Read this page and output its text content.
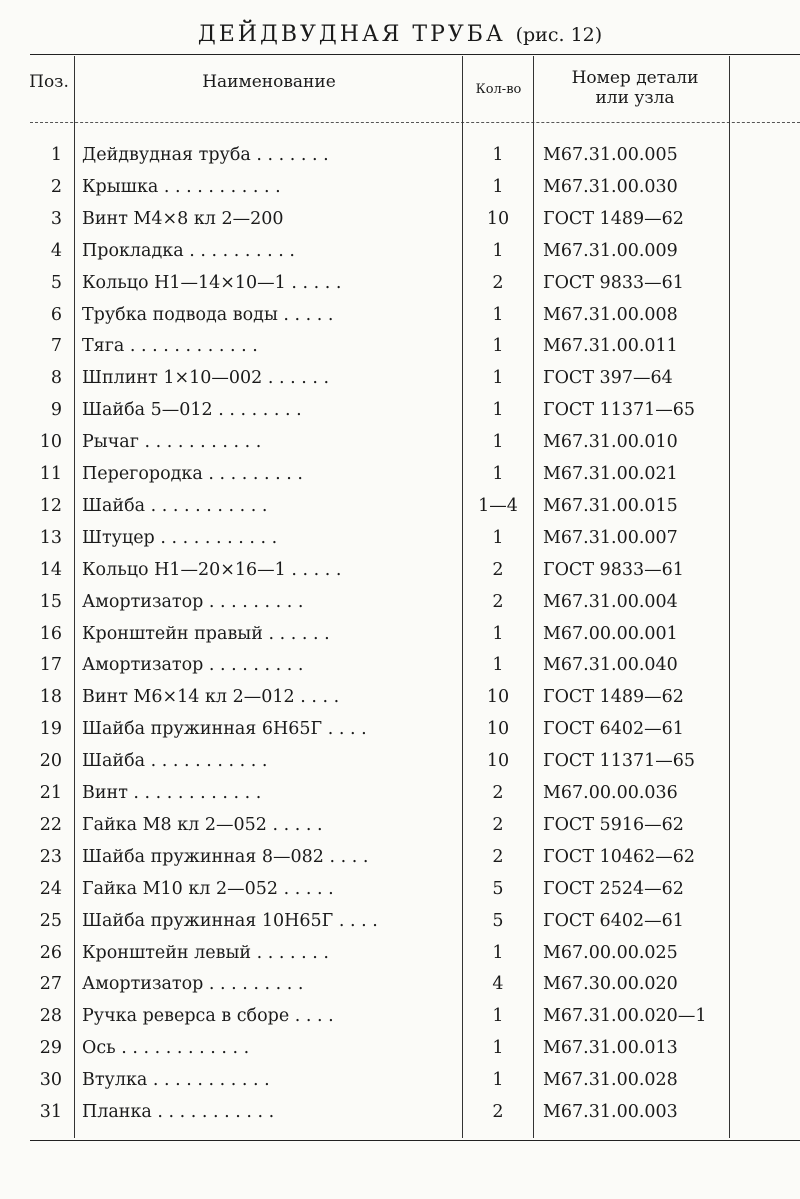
ДЕЙДВУДНАЯ ТРУБА (рис. 12)
Поз.	Наименование	Кол-во
Номер детали или узла
1 Дейдвудная труба . . . . . . .	1	М67.31.00.005
2 Крышка . . . . . . . . . . .	1	М67.31.00.030
3 Винт М4×8 кл 2—200	10	ГОСТ 1489—62
4 Прокладка . . . . . . . . . .	1	М67.31.00.009
5 Кольцо Н1—14×10—1 . . . . .	2	ГОСТ 9833—61
6 Трубка подвода воды . . . . .	1	М67.31.00.008
7 Тяга . . . . . . . . . . . .	1	М67.31.00.011
8 Шплинт 1×10—002 . . . . . .	1	ГОСТ 397—64
9 Шайба 5—012 . . . . . . . .	1	ГОСТ 11371—65
10 Рычаг . . . . . . . . . . .	1	М67.31.00.010
11 Перегородка . . . . . . . . .	1	М67.31.00.021
12 Шайба . . . . . . . . . . .	1—4	М67.31.00.015
13 Штуцер . . . . . . . . . . .	1	М67.31.00.007
14 Кольцо Н1—20×16—1 . . . . .	2	ГОСТ 9833—61
15 Амортизатор . . . . . . . . .	2	М67.31.00.004
16 Кронштейн правый . . . . . .	1	М67.00.00.001
17 Амортизатор . . . . . . . . .	1	М67.31.00.040
18 Винт М6×14 кл 2—012 . . . .	10	ГОСТ 1489—62
19 Шайба пружинная 6Н65Г . . . .	10	ГОСТ 6402—61
20 Шайба . . . . . . . . . . .	10	ГОСТ 11371—65
21 Винт . . . . . . . . . . . .	2	М67.00.00.036
22 Гайка М8 кл 2—052 . . . . .	2	ГОСТ 5916—62
23 Шайба пружинная 8—082 . . . .	2	ГОСТ 10462—62
24 Гайка М10 кл 2—052 . . . . .	5	ГОСТ 2524—62
25 Шайба пружинная 10Н65Г . . . .	5	ГОСТ 6402—61
26 Кронштейн левый . . . . . . .	1	М67.00.00.025
27 Амортизатор . . . . . . . . .	4	М67.30.00.020
28 Ручка реверса в сборе . . . .	1	М67.31.00.020—1
29 Ось . . . . . . . . . . . .	1	М67.31.00.013
30 Втулка . . . . . . . . . . .	1	М67.31.00.028
31 Планка . . . . . . . . . . .	2	М67.31.00.003
